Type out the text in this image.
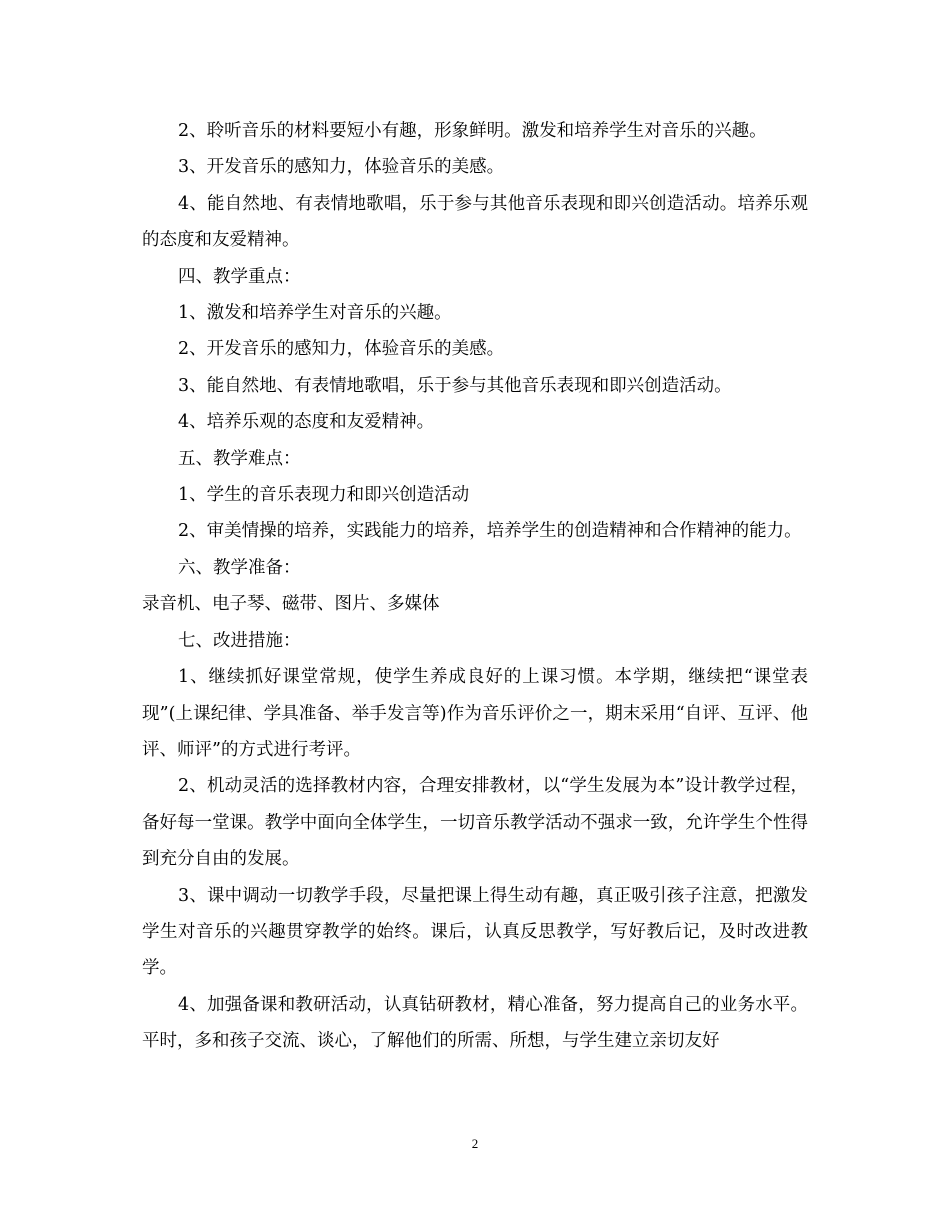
2、聆听音乐的材料要短小有趣，形象鲜明。激发和培养学生对音乐的兴趣。

3、开发音乐的感知力，体验音乐的美感。

4、能自然地、有表情地歌唱，乐于参与其他音乐表现和即兴创造活动。培养乐观的态度和友爱精神。

四、教学重点：

1、激发和培养学生对音乐的兴趣。

2、开发音乐的感知力，体验音乐的美感。

3、能自然地、有表情地歌唱，乐于参与其他音乐表现和即兴创造活动。

4、培养乐观的态度和友爱精神。

五、教学难点：

1、学生的音乐表现力和即兴创造活动

2、审美情操的培养，实践能力的培养，培养学生的创造精神和合作精神的能力。

六、教学准备：

录音机、电子琴、磁带、图片、多媒体

七、改进措施：

1、继续抓好课堂常规，使学生养成良好的上课习惯。本学期，继续把“课堂表现”(上课纪律、学具准备、举手发言等)作为音乐评价之一，期末采用“自评、互评、他评、师评”的方式进行考评。

2、机动灵活的选择教材内容，合理安排教材，以“学生发展为本”设计教学过程，备好每一堂课。教学中面向全体学生，一切音乐教学活动不强求一致，允许学生个性得到充分自由的发展。

3、课中调动一切教学手段，尽量把课上得生动有趣，真正吸引孩子注意，把激发学生对音乐的兴趣贯穿教学的始终。课后，认真反思教学，写好教后记，及时改进教学。

4、加强备课和教研活动，认真钻研教材，精心准备，努力提高自己的业务水平。平时，多和孩子交流、谈心，了解他们的所需、所想，与学生建立亲切友好

2
